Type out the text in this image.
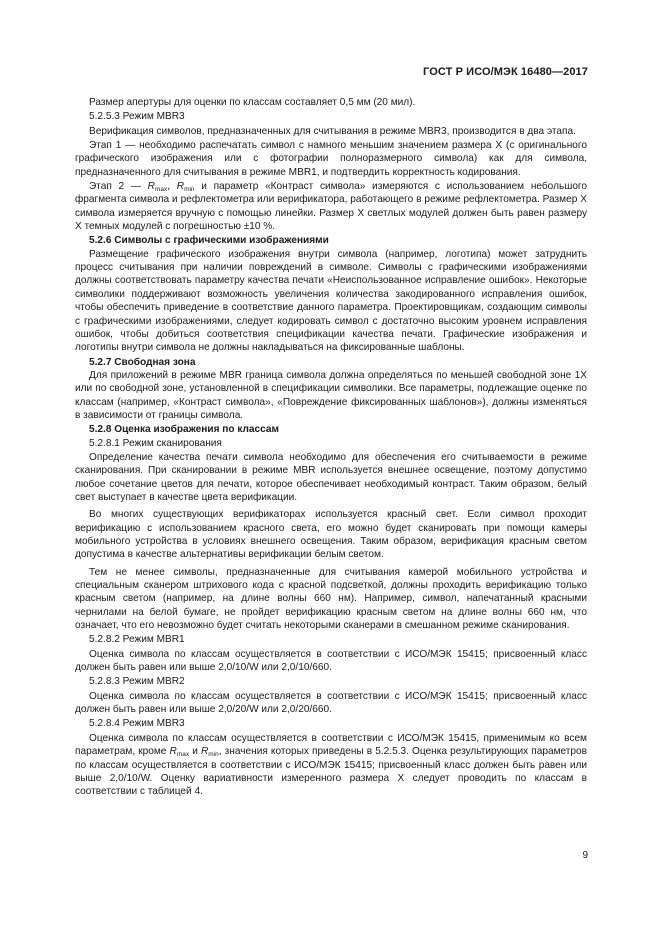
ГОСТ Р ИСО/МЭК 16480—2017

Размер апертуры для оценки по классам составляет 0,5 мм (20 мил).

5.2.5.3 Режим MBR3

Верификация символов, предназначенных для считывания в режиме MBR3, производится в два этапа.

Этап 1 — необходимо распечатать символ с намного меньшим значением размера X (с оригинального графического изображения или с фотографии полноразмерного символа) как для символа, предназначенного для считывания в режиме MBR1, и подтвердить корректность кодирования.

Этап 2 — $R_{max}$, $R_{min}$ и параметр «Контраст символа» измеряются с использованием небольшого фрагмента символа и рефлектометра или верификатора, работающего в режиме рефлектометра. Размер X символа измеряется вручную с помощью линейки. Размер X светлых модулей должен быть равен размеру X темных модулей с погрешностью ±10 %.

5.2.6 Символы с графическими изображениями

Размещение графического изображения внутри символа (например, логотипа) может затруднить процесс считывания при наличии повреждений в символе. Символы с графическими изображениями должны соответствовать параметру качества печати «Неиспользованное исправление ошибок». Некоторые символики поддерживают возможность увеличения количества закодированного исправления ошибок, чтобы обеспечить приведение в соответствие данного параметра. Проектировщикам, создающим символы с графическими изображениями, следует кодировать символ с достаточно высоким уровнем исправления ошибок, чтобы добиться соответствия спецификации качества печати. Графические изображения и логотипы внутри символа не должны накладываться на фиксированные шаблоны.

5.2.7 Свободная зона

Для приложений в режиме MBR граница символа должна определяться по меньшей свободной зоне 1X или по свободной зоне, установленной в спецификации символики. Все параметры, подлежащие оценке по классам (например, «Контраст символа», «Повреждение фиксированных шаблонов»), должны изменяться в зависимости от границы символа.

5.2.8 Оценка изображения по классам

5.2.8.1 Режим сканирования

Определение качества печати символа необходимо для обеспечения его считываемости в режиме сканирования. При сканировании в режиме MBR используется внешнее освещение, поэтому допустимо любое сочетание цветов для печати, которое обеспечивает необходимый контраст. Таким образом, белый свет выступает в качестве цвета верификации.

Во многих существующих верификаторах используется красный свет. Если символ проходит верификацию с использованием красного света, его можно будет сканировать при помощи камеры мобильного устройства в условиях внешнего освещения. Таким образом, верификация красным светом допустима в качестве альтернативы верификации белым светом.

Тем не менее символы, предназначенные для считывания камерой мобильного устройства и специальным сканером штрихового кода с красной подсветкой, должны проходить верификацию только красным светом (например, на длине волны 660 нм). Например, символ, напечатанный красными чернилами на белой бумаге, не пройдет верификацию красным светом на длине волны 660 нм, что означает, что его невозможно будет считать некоторыми сканерами в смешанном режиме сканирования.

5.2.8.2 Режим MBR1

Оценка символа по классам осуществляется в соответствии с ИСО/МЭК 15415; присвоенный класс должен быть равен или выше 2,0/10/W или 2,0/10/660.

5.2.8.3 Режим MBR2

Оценка символа по классам осуществляется в соответствии с ИСО/МЭК 15415; присвоенный класс должен быть равен или выше 2,0/20/W или 2,0/20/660.

5.2.8.4 Режим MBR3

Оценка символа по классам осуществляется в соответствии с ИСО/МЭК 15415, применимым ко всем параметрам, кроме $R_{max}$ и $R_{min}$, значения которых приведены в 5.2.5.3. Оценка результирующих параметров по классам осуществляется в соответствии с ИСО/МЭК 15415; присвоенный класс должен быть равен или выше 2,0/10/W. Оценку вариативности измеренного размера X следует проводить по классам в соответствии с таблицей 4.

9
